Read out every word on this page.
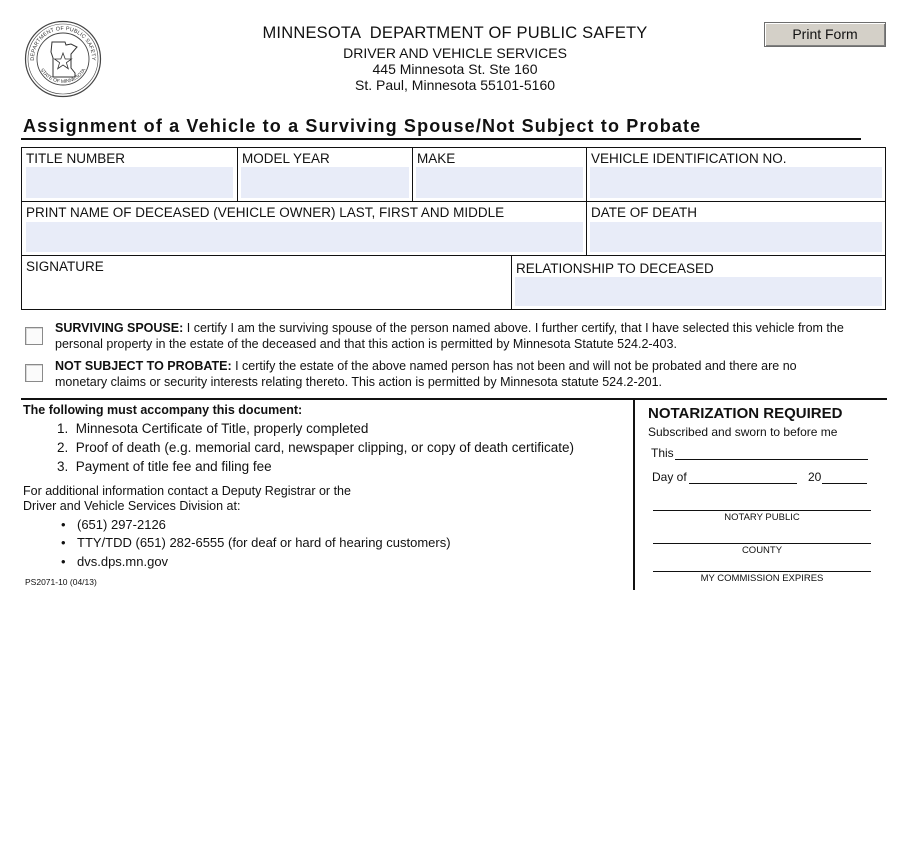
DEPARTMENT OF PUBLIC SAFETY
STATE OF MINNESOTA
MINNESOTA  DEPARTMENT OF PUBLIC SAFETY
DRIVER AND VEHICLE SERVICES
445 Minnesota St. Ste 160
St. Paul, Minnesota 55101-5160
Print Form
Assignment of a Vehicle to a Surviving Spouse/Not Subject to Probate
TITLE NUMBER	MODEL YEAR	MAKE	VEHICLE IDENTIFICATION NO.
PRINT NAME OF DECEASED (VEHICLE OWNER) LAST, FIRST AND MIDDLE	DATE OF DEATH
SIGNATURE	RELATIONSHIP TO DECEASED
SURVIVING SPOUSE: I certify I am the surviving spouse of the person named above. I further certify, that I have selected this vehicle from the
personal property in the estate of the deceased and that this action is permitted by Minnesota Statute 524.2-403.
NOT SUBJECT TO PROBATE: I certify the estate of the above named person has not been and will not be probated and there are no
monetary claims or security interests relating thereto. This action is permitted by Minnesota statute 524.2-201.
The following must accompany this document:
1.  Minnesota Certificate of Title, properly completed
2.  Proof of death (e.g. memorial card, newspaper clipping, or copy of death certificate)
3.  Payment of title fee and filing fee
For additional information contact a Deputy Registrar or the
Driver and Vehicle Services Division at:
• (651) 297-2126
• TTY/TDD (651) 282-6555 (for deaf or hard of hearing customers)
• dvs.dps.mn.gov
PS2071-10 (04/13)
NOTARIZATION REQUIRED
Subscribed and sworn to before me
This
Day of	20
NOTARY PUBLIC
COUNTY
MY COMMISSION EXPIRES
